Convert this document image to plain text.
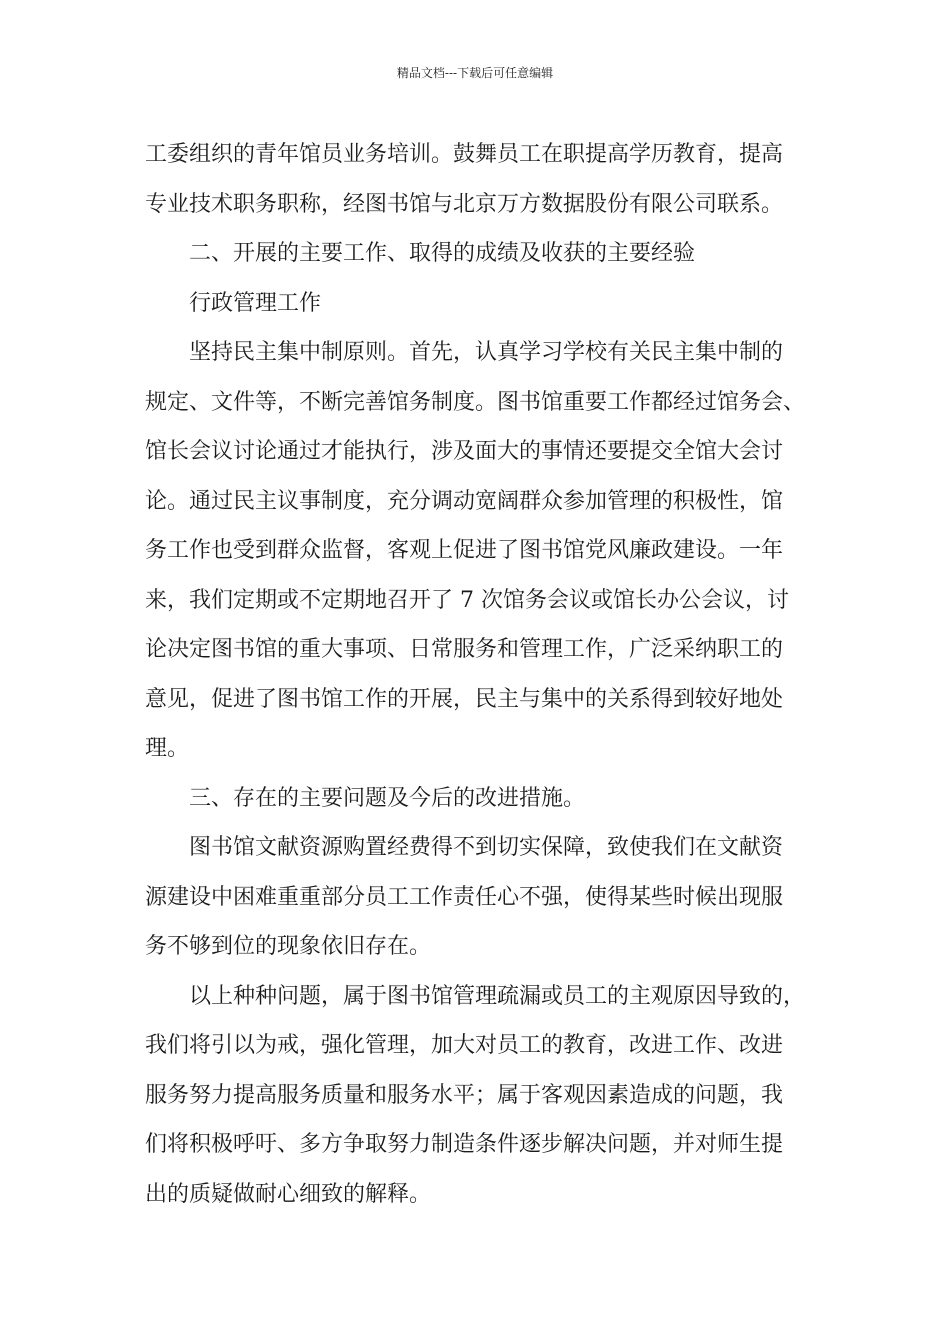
精品文档---下载后可任意编辑
工委组织的青年馆员业务培训。鼓舞员工在职提高学历教育，提高
专业技术职务职称，经图书馆与北京万方数据股份有限公司联系。
二、开展的主要工作、取得的成绩及收获的主要经验
行政管理工作
坚持民主集中制原则。首先，认真学习学校有关民主集中制的
规定、文件等，不断完善馆务制度。图书馆重要工作都经过馆务会、
馆长会议讨论通过才能执行，涉及面大的事情还要提交全馆大会讨
论。通过民主议事制度，充分调动宽阔群众参加管理的积极性，馆
务工作也受到群众监督，客观上促进了图书馆党风廉政建设。一年
来，我们定期或不定期地召开了 7 次馆务会议或馆长办公会议，讨
论决定图书馆的重大事项、日常服务和管理工作，广泛采纳职工的
意见，促进了图书馆工作的开展，民主与集中的关系得到较好地处
理。
三、存在的主要问题及今后的改进措施。
图书馆文献资源购置经费得不到切实保障，致使我们在文献资
源建设中困难重重部分员工工作责任心不强，使得某些时候出现服
务不够到位的现象依旧存在。
以上种种问题，属于图书馆管理疏漏或员工的主观原因导致的，
我们将引以为戒，强化管理，加大对员工的教育，改进工作、改进
服务努力提高服务质量和服务水平；属于客观因素造成的问题，我
们将积极呼吁、多方争取努力制造条件逐步解决问题，并对师生提
出的质疑做耐心细致的解释。
